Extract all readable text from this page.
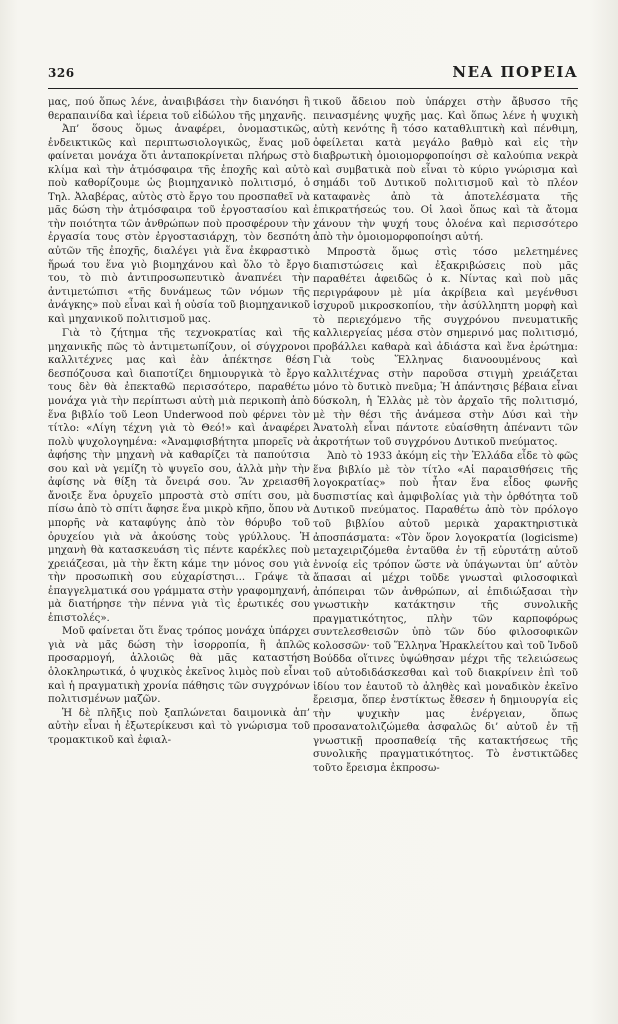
326	ΝΕΑ ΠΟΡΕΙΑ

μας, πού ὅπως λένε, ἀναιβιβάσει τὴν διανόησι ἢ θεραπαινίδα καὶ ἱέρεια τοῦ εἰδώλου τῆς μηχανῆς.

Ἀπ’ ὅσους ὅμως ἀναφέρει, ὀνομαστικῶς, ἐνδεικτικῶς καὶ περιπτωσιολογικῶς, ἕνας μοῦ φαίνεται μονάχα ὅτι ἀνταποκρίνεται πλήρως στὸ κλίμα καὶ τὴν ἀτμόσφαιρα τῆς ἐποχῆς καὶ αὐτὸ ποὺ καθορίζουμε ὡς βιομηχανικὸ πολιτισμό, ὁ Τηλ. Ἀλαβέρας, αὐτὸς στὸ ἔργο του προσπαθεῖ νὰ μᾶς δώση τὴν ἀτμόσφαιρα τοῦ ἐργοστασίου καὶ τὴν ποιότητα τῶν ἀνθρώπων ποὺ προσφέρουν τὴν ἐργασία τους στὸν ἐργοστασιάρχη, τὸν δεσπότη αὐτῶν τῆς ἐποχῆς, διαλέγει γιὰ ἕνα ἐκφραστικὸ ἥρωά του ἕνα γιὸ βιομηχάνου καὶ ὅλο τὸ ἔργο του, τὸ πιὸ ἀντιπροσωπευτικὸ ἀναπνέει τὴν ἀντιμετώπισι «τῆς δυνάμεως τῶν νόμων τῆς ἀνάγκης» ποὺ εἶναι καὶ ἡ οὐσία τοῦ βιομηχανικοῦ καὶ μηχανικοῦ πολιτισμοῦ μας.

Γιὰ τὸ ζήτημα τῆς τεχνοκρατίας καὶ τῆς μηχανικῆς πῶς τὸ ἀντιμετωπίζουν, οἱ σύγχρονοι καλλιτέχνες μας καὶ ἐὰν ἀπέκτησε θέση δεσπόζουσα καὶ διαποτίζει δημιουργικὰ τὸ ἔργο τους δὲν θὰ ἐπεκταθῶ περισσότερο, παραθέτω μονάχα γιὰ τὴν περίπτωσι αὐτὴ μιὰ περικοπὴ ἀπὸ ἕνα βιβλίο τοῦ Leon Underwood ποὺ φέρνει τὸν τίτλο: «Λίγη τέχνη γιὰ τὸ Θεό!» καὶ ἀναφέρει πολὺ ψυχολογημένα: «Ἀναμφισβήτητα μπορεῖς νὰ ἀφήσης τὴν μηχανὴ νὰ καθαρίζει τὰ παπούτσια σου καὶ νὰ γεμίζη τὸ ψυγεῖο σου, ἀλλὰ μὴν τὴν ἀφίσης νὰ θίξη τὰ ὄνειρά σου. Ἂν χρειασθῆ ἄνοιξε ἕνα ὀρυχεῖο μπροστὰ στὸ σπίτι σου, μὰ πίσω ἀπὸ τὸ σπίτι ἄφησε ἕνα μικρὸ κῆπο, ὅπου νὰ μπορῆς νὰ καταφύγης ἀπὸ τὸν θόρυβο τοῦ ὀρυχείου γιὰ νὰ ἀκούσης τοὺς γρύλλους. Ἡ μηχανὴ θὰ κατασκευάση τὶς πέντε καρέκλες ποὺ χρειάζεσαι, μὰ τὴν ἕκτη κάμε την μόνος σου γιὰ τὴν προσωπικὴ σου εὐχαρίστησι... Γράψε τὰ ἐπαγγελματικά σου γράμματα στὴν γραφομηχανή, μὰ διατήρησε τὴν πέννα γιὰ τὶς ἐρωτικές σου ἐπιστολές».

Μοῦ φαίνεται ὅτι ἕνας τρόπος μονάχα ὑπάρχει γιὰ νὰ μᾶς δώση τὴν ἰσορροπία, ἢ ἁπλῶς προσαρμογή, ἀλλοιῶς θὰ μᾶς καταστήση ὁλοκληρωτικά, ὁ ψυχικὸς ἐκεῖνος λιμὸς ποὺ εἶναι καὶ ἡ πραγματικὴ χρονία πάθησις τῶν συγχρόνων πολιτισμένων μαζῶν.

Ἡ δὲ πλῆξις ποὺ ξαπλώνεται δαιμονικὰ ἀπ’ αὐτὴν εἶναι ἡ ἐξωτερίκευσι καὶ τὸ γνώρισμα τοῦ τρομακτικοῦ καὶ ἐφιαλ-

τικοῦ ἄδειου ποὺ ὑπάρχει στὴν ἄβυσσο τῆς πεινασμένης ψυχῆς μας. Καὶ ὅπως λένε ἡ ψυχικὴ αὐτὴ κενότης ἢ τόσο καταθλιπτικὴ καὶ πένθιμη, ὀφείλεται κατὰ μεγάλο βαθμὸ καὶ εἰς τὴν διαβρωτικὴ ὁμοιομορφοποίησι σὲ καλούπια νεκρὰ καὶ συμβατικὰ ποὺ εἶναι τὸ κύριο γνώρισμα καὶ σημάδι τοῦ Δυτικοῦ πολιτισμοῦ καὶ τὸ πλέον καταφανὲς ἀπὸ τὰ ἀποτελέσματα τῆς ἐπικρατήσεώς του. Οἱ λαοὶ ὅπως καὶ τὰ ἄτομα χάνουν τὴν ψυχή τους ὁλοένα καὶ περισσότερο ἀπὸ τὴν ὁμοιομορφοποίησι αὐτή.

Μπροστὰ ὅμως στὶς τόσο μελετημένες διαπιστώσεις καὶ ἐξακριβώσεις ποὺ μᾶς παραθέτει ἀφειδῶς ὁ κ. Νίντας καὶ ποὺ μᾶς περιγράφουν μὲ μία ἀκρίβεια καὶ μεγένθυσι ἰσχυροῦ μικροσκοπίου, τὴν ἀσύλληπτη μορφὴ καὶ τὸ περιεχόμενο τῆς συγχρόνου πνευματικῆς καλλιεργείας μέσα στὸν σημερινό μας πολιτισμό, προβάλλει καθαρὰ καὶ ἀδιάστα καὶ ἕνα ἐρώτημα: Γιὰ τοὺς Ἕλληνας διανοουμένους καὶ καλλιτέχνας στὴν παροῦσα στιγμὴ χρειάζεται μόνο τὸ δυτικὸ πνεῦμα; Ἡ ἀπάντησις βέβαια εἶναι δύσκολη, ἡ Ἑλλὰς μὲ τὸν ἀρχαῖο τῆς πολιτισμό, μὲ τὴν θέσι τῆς ἀνάμεσα στὴν Δύσι καὶ τὴν Ἀνατολὴ εἶναι πάντοτε εὐαίσθητη ἀπέναντι τῶν ἀκροτήτων τοῦ συγχρόνου Δυτικοῦ πνεύματος.

Ἀπὸ τὸ 1933 ἀκόμη εἰς τὴν Ἑλλάδα εἶδε τὸ φῶς ἕνα βιβλίο μὲ τὸν τίτλο «Αἱ παραισθήσεις τῆς λογοκρατίας» ποὺ ἦταν ἕνα εἶδος φωνῆς δυσπιστίας καὶ ἀμφιβολίας γιὰ τὴν ὀρθότητα τοῦ Δυτικοῦ πνεύματος. Παραθέτω ἀπὸ τὸν πρόλογο τοῦ βιβλίου αὐτοῦ μερικὰ χαρακτηριστικὰ ἀποσπάσματα: «Τὸν ὅρον λογοκρατία (logicisme) μεταχειριζόμεθα ἐνταῦθα ἐν τῇ εὐρυτάτῃ αὐτοῦ ἐννοίᾳ εἰς τρόπον ὥστε νὰ ὑπάγωνται ὑπ’ αὐτὸν ἅπασαι αἱ μέχρι τοῦδε γνωσταὶ φιλοσοφικαὶ ἀπόπειραι τῶν ἀνθρώπων, αἱ ἐπιδιώξασαι τὴν γνωστικὴν κατάκτησιν τῆς συνολικῆς πραγματικότητος, πλὴν τῶν καρποφόρως συντελεσθεισῶν ὑπὸ τῶν δύο φιλοσοφικῶν κολοσσῶν· τοῦ Ἕλληνα Ἡρακλείτου καὶ τοῦ Ἰνδοῦ Βούδδα οἵτινες ὑψώθησαν μέχρι τῆς τελειώσεως τοῦ αὐτοδιδάσκεσθαι καὶ τοῦ διακρίνειν ἐπὶ τοῦ ἰδίου τον ἑαυτοῦ τὸ ἀληθὲς καὶ μοναδικὸν ἐκεῖνο ἔρεισμα, ὅπερ ἐνστίκτως ἔθεσεν ἡ δημιουργία εἰς τὴν ψυχικὴν μας ἐνέργειαν, ὅπως προσανατολιζώμεθα ἀσφαλῶς δι’ αὐτοῦ ἐν τῇ γνωστικῇ προσπαθείᾳ τῆς κατακτήσεως τῆς συνολικῆς πραγματικότητος. Τὸ ἐνστικτῶδες τοῦτο ἔρεισμα ἐκπροσω-
